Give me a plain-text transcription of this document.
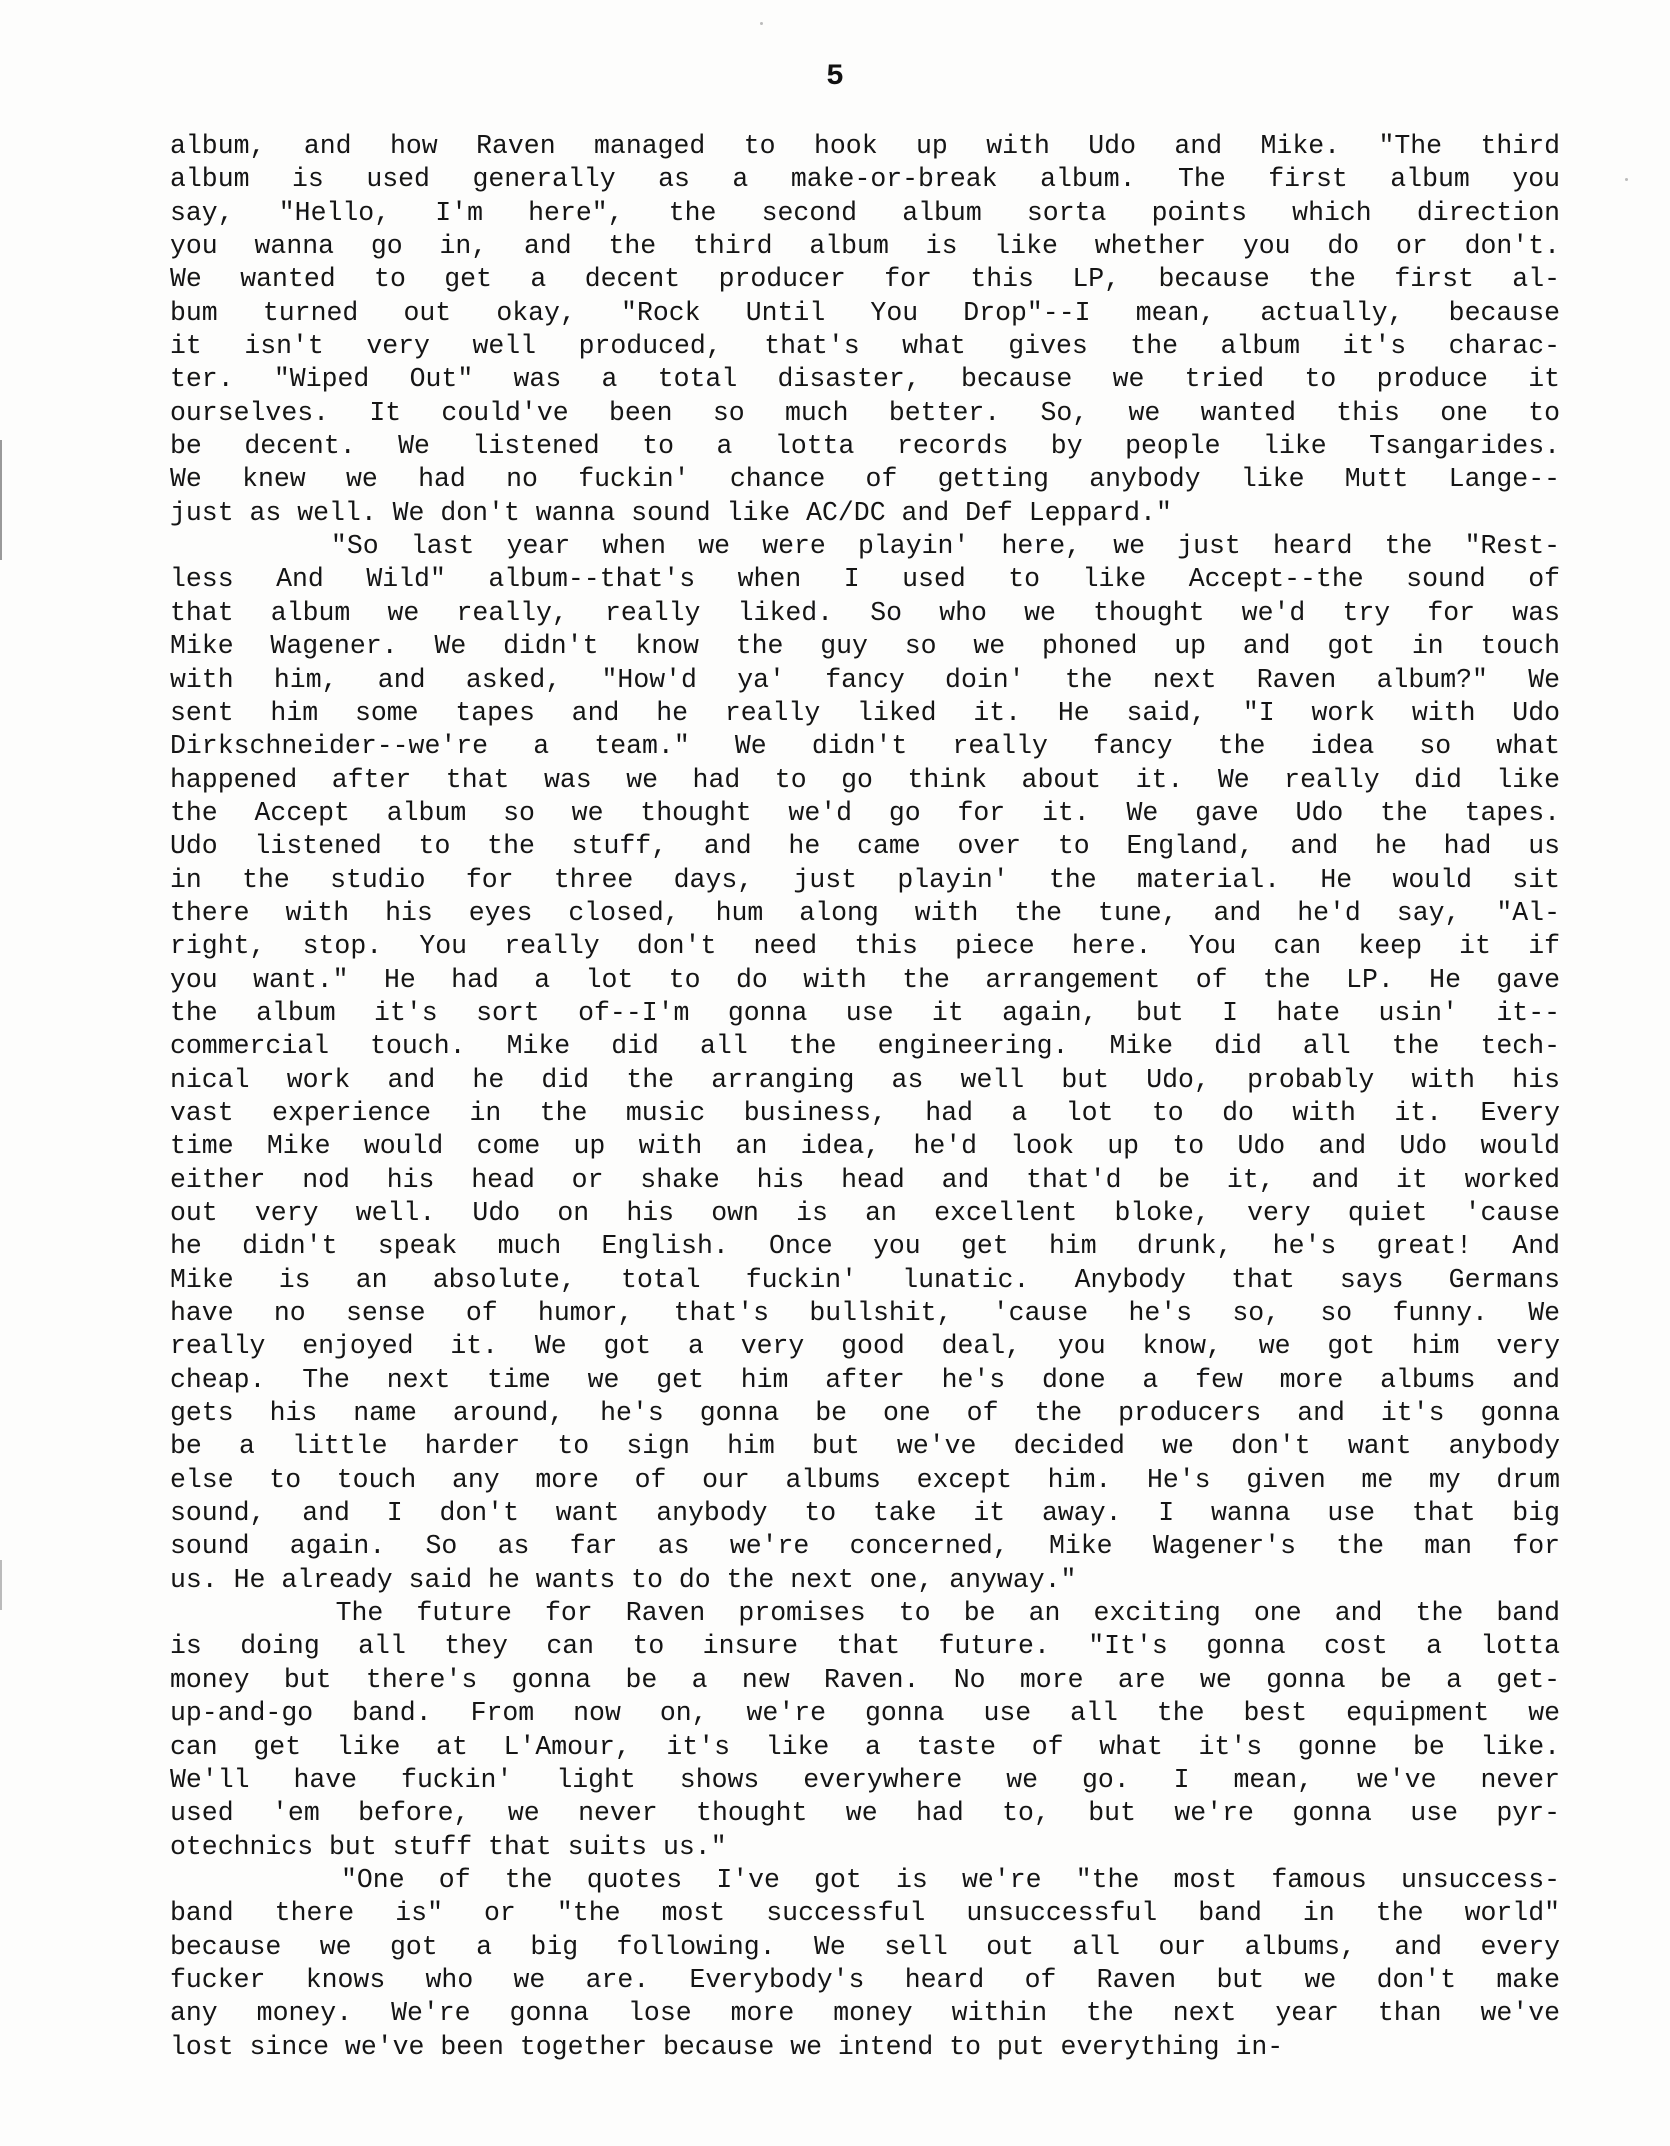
5
album, and how Raven managed to hook up with Udo and Mike. "The third
album is used generally as a make-or-break album. The first album you
say, "Hello, I'm here", the second album sorta points which direction
you wanna go in, and the third album is like whether you do or don't.
We wanted to get a decent producer for this LP, because the first al-
bum turned out okay, "Rock Until You Drop"--I mean, actually, because
it isn't very well produced, that's what gives the album it's charac-
ter. "Wiped Out" was a total disaster, because we tried to produce it
ourselves. It could've been so much better. So, we wanted this one to
be decent. We listened to a lotta records by people like Tsangarides.
We knew we had no fuckin' chance of getting anybody like Mutt Lange--
just as well. We don't wanna sound like AC/DC and Def Leppard."
"So last year when we were playin' here, we just heard the "Rest-
less And Wild" album--that's when I used to like Accept--the sound of
that album we really, really liked. So who we thought we'd try for was
Mike Wagener. We didn't know the guy so we phoned up and got in touch
with him, and asked, "How'd ya' fancy doin' the next Raven album?" We
sent him some tapes and he really liked it. He said, "I work with Udo
Dirkschneider--we're a team." We didn't really fancy the idea so what
happened after that was we had to go think about it. We really did like
the Accept album so we thought we'd go for it. We gave Udo the tapes.
Udo listened to the stuff, and he came over to England, and he had us
in the studio for three days, just playin' the material. He would sit
there with his eyes closed, hum along with the tune, and he'd say, "Al-
right, stop. You really don't need this piece here. You can keep it if
you want." He had a lot to do with the arrangement of the LP. He gave
the album it's sort of--I'm gonna use it again, but I hate usin' it--
commercial touch. Mike did all the engineering. Mike did all the tech-
nical work and he did the arranging as well but Udo, probably with his
vast experience in the music business, had a lot to do with it. Every
time Mike would come up with an idea, he'd look up to Udo and Udo would
either nod his head or shake his head and that'd be it, and it worked
out very well. Udo on his own is an excellent bloke, very quiet 'cause
he didn't speak much English. Once you get him drunk, he's great! And
Mike is an absolute, total fuckin' lunatic. Anybody that says Germans
have no sense of humor, that's bullshit, 'cause he's so, so funny. We
really enjoyed it. We got a very good deal, you know, we got him very
cheap. The next time we get him after he's done a few more albums and
gets his name around, he's gonna be one of the producers and it's gonna
be a little harder to sign him but we've decided we don't want anybody
else to touch any more of our albums except him. He's given me my drum
sound, and I don't want anybody to take it away. I wanna use that big
sound again. So as far as we're concerned, Mike Wagener's the man for
us. He already said he wants to do the next one, anyway."
The future for Raven promises to be an exciting one and the band
is doing all they can to insure that future. "It's gonna cost a lotta
money but there's gonna be a new Raven. No more are we gonna be a get-
up-and-go band. From now on, we're gonna use all the best equipment we
can get like at L'Amour, it's like a taste of what it's gonne be like.
We'll have fuckin' light shows everywhere we go. I mean, we've never
used 'em before, we never thought we had to, but we're gonna use pyr-
otechnics but stuff that suits us."
"One of the quotes I've got is we're "the most famous unsuccess-
band there is" or "the most successful unsuccessful band in the world"
because we got a big following. We sell out all our albums, and every
fucker knows who we are. Everybody's heard of Raven but we don't make
any money. We're gonna lose more money within the next year than we've
lost since we've been together because we intend to put everything in-
